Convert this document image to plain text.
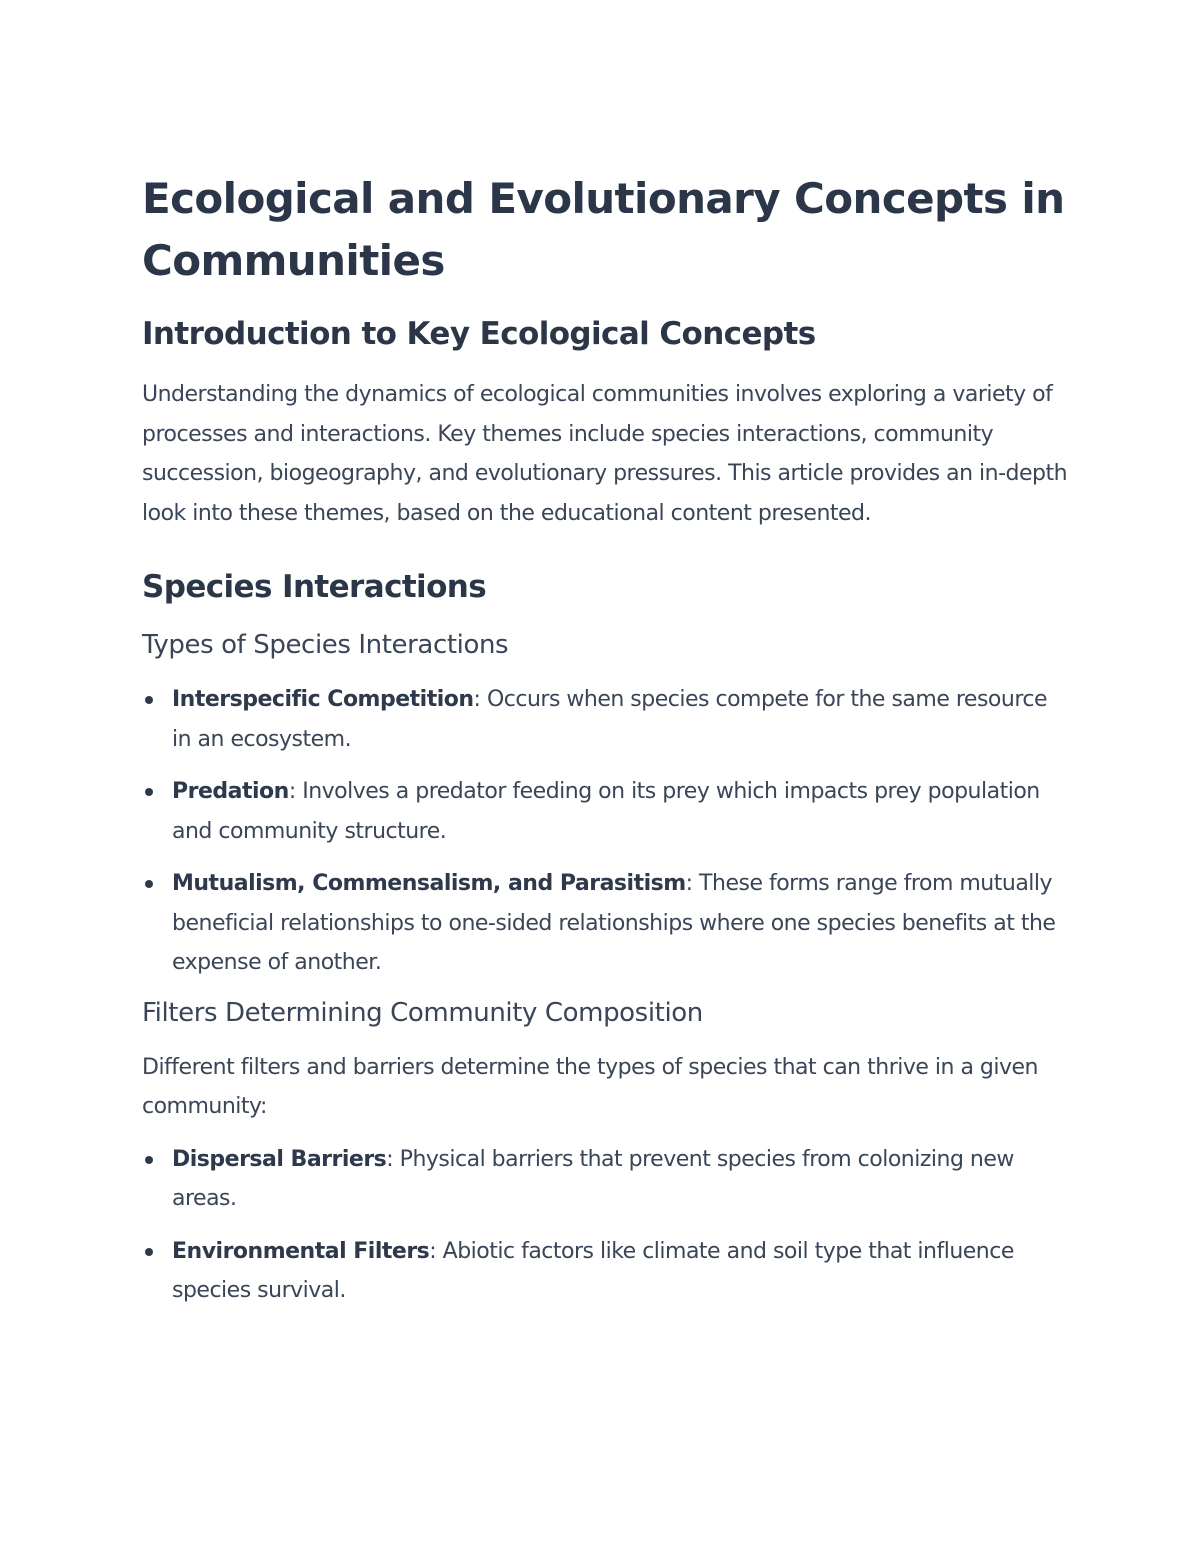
Ecological and Evolutionary Concepts in Communities
Introduction to Key Ecological Concepts

Understanding the dynamics of ecological communities involves exploring a variety of processes and interactions. Key themes include species interactions, community succession, biogeography, and evolutionary pressures. This article provides an in-depth look into these themes, based on the educational content presented.

Species Interactions
Types of Species Interactions
Interspecific Competition: Occurs when species compete for the same resource in an ecosystem.
Predation: Involves a predator feeding on its prey which impacts prey population and community structure.
Mutualism, Commensalism, and Parasitism: These forms range from mutually beneficial relationships to one-sided relationships where one species benefits at the expense of another.
Filters Determining Community Composition

Different filters and barriers determine the types of species that can thrive in a given community:

Dispersal Barriers: Physical barriers that prevent species from colonizing new areas.
Environmental Filters: Abiotic factors like climate and soil type that influence species survival.
